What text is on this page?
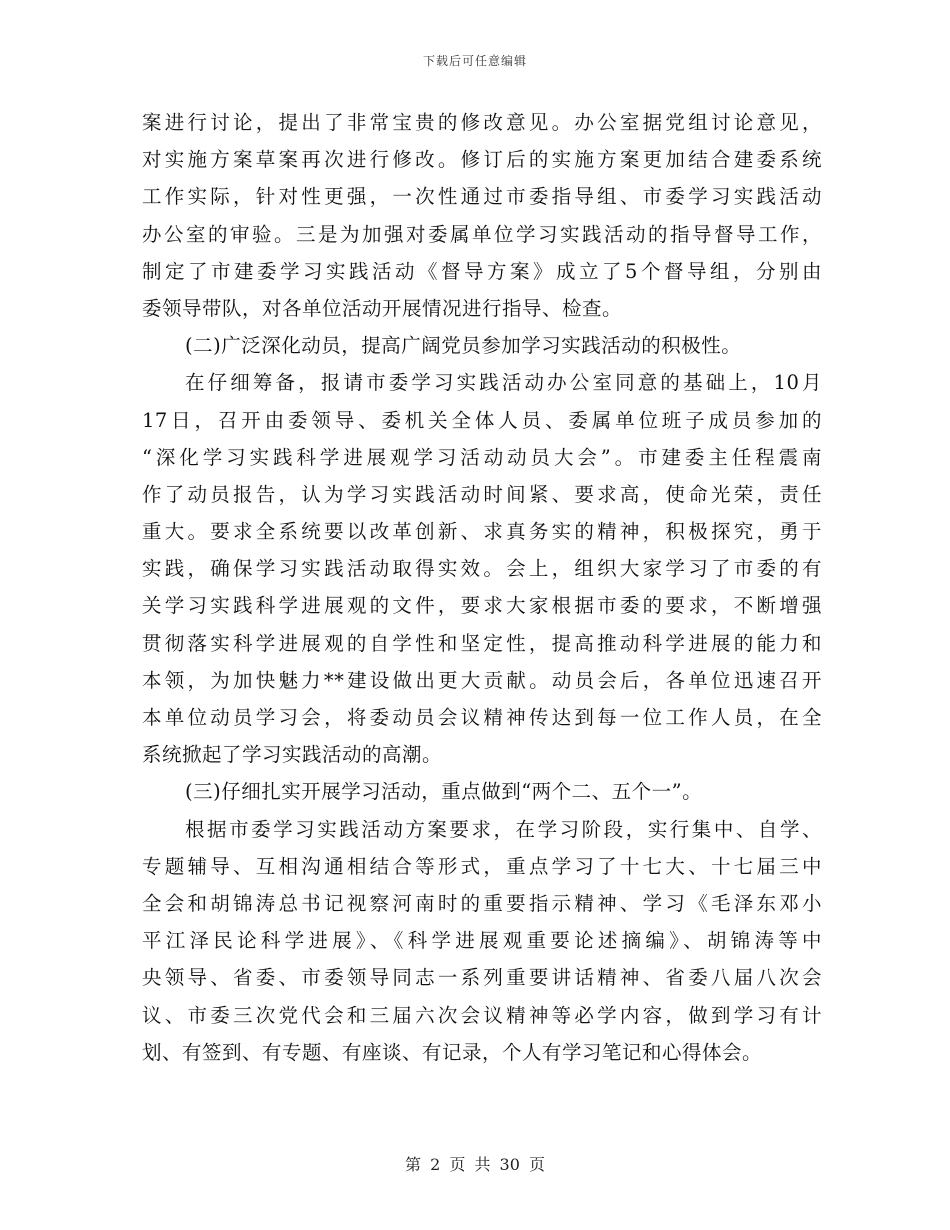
下载后可任意编辑
案进行讨论，提出了非常宝贵的修改意见。办公室据党组讨论意见，
对实施方案草案再次进行修改。修订后的实施方案更加结合建委系统
工作实际，针对性更强，一次性通过市委指导组、市委学习实践活动
办公室的审验。三是为加强对委属单位学习实践活动的指导督导工作，
制定了市建委学习实践活动《督导方案》成立了5个督导组，分别由
委领导带队，对各单位活动开展情况进行指导、检查。
(二)广泛深化动员，提高广阔党员参加学习实践活动的积极性。
在仔细筹备，报请市委学习实践活动办公室同意的基础上，10月
17日，召开由委领导、委机关全体人员、委属单位班子成员参加的
“深化学习实践科学进展观学习活动动员大会”。市建委主任程震南
作了动员报告，认为学习实践活动时间紧、要求高，使命光荣，责任
重大。要求全系统要以改革创新、求真务实的精神，积极探究，勇于
实践，确保学习实践活动取得实效。会上，组织大家学习了市委的有
关学习实践科学进展观的文件，要求大家根据市委的要求，不断增强
贯彻落实科学进展观的自学性和坚定性，提高推动科学进展的能力和
本领，为加快魅力**建设做出更大贡献。动员会后，各单位迅速召开
本单位动员学习会，将委动员会议精神传达到每一位工作人员，在全
系统掀起了学习实践活动的高潮。
(三)仔细扎实开展学习活动，重点做到“两个二、五个一”。
根据市委学习实践活动方案要求，在学习阶段，实行集中、自学、
专题辅导、互相沟通相结合等形式，重点学习了十七大、十七届三中
全会和胡锦涛总书记视察河南时的重要指示精神、学习《毛泽东邓小
平江泽民论科学进展》、《科学进展观重要论述摘编》、胡锦涛等中
央领导、省委、市委领导同志一系列重要讲话精神、省委八届八次会
议、市委三次党代会和三届六次会议精神等必学内容，做到学习有计
划、有签到、有专题、有座谈、有记录，个人有学习笔记和心得体会。
第 2 页 共 30 页
